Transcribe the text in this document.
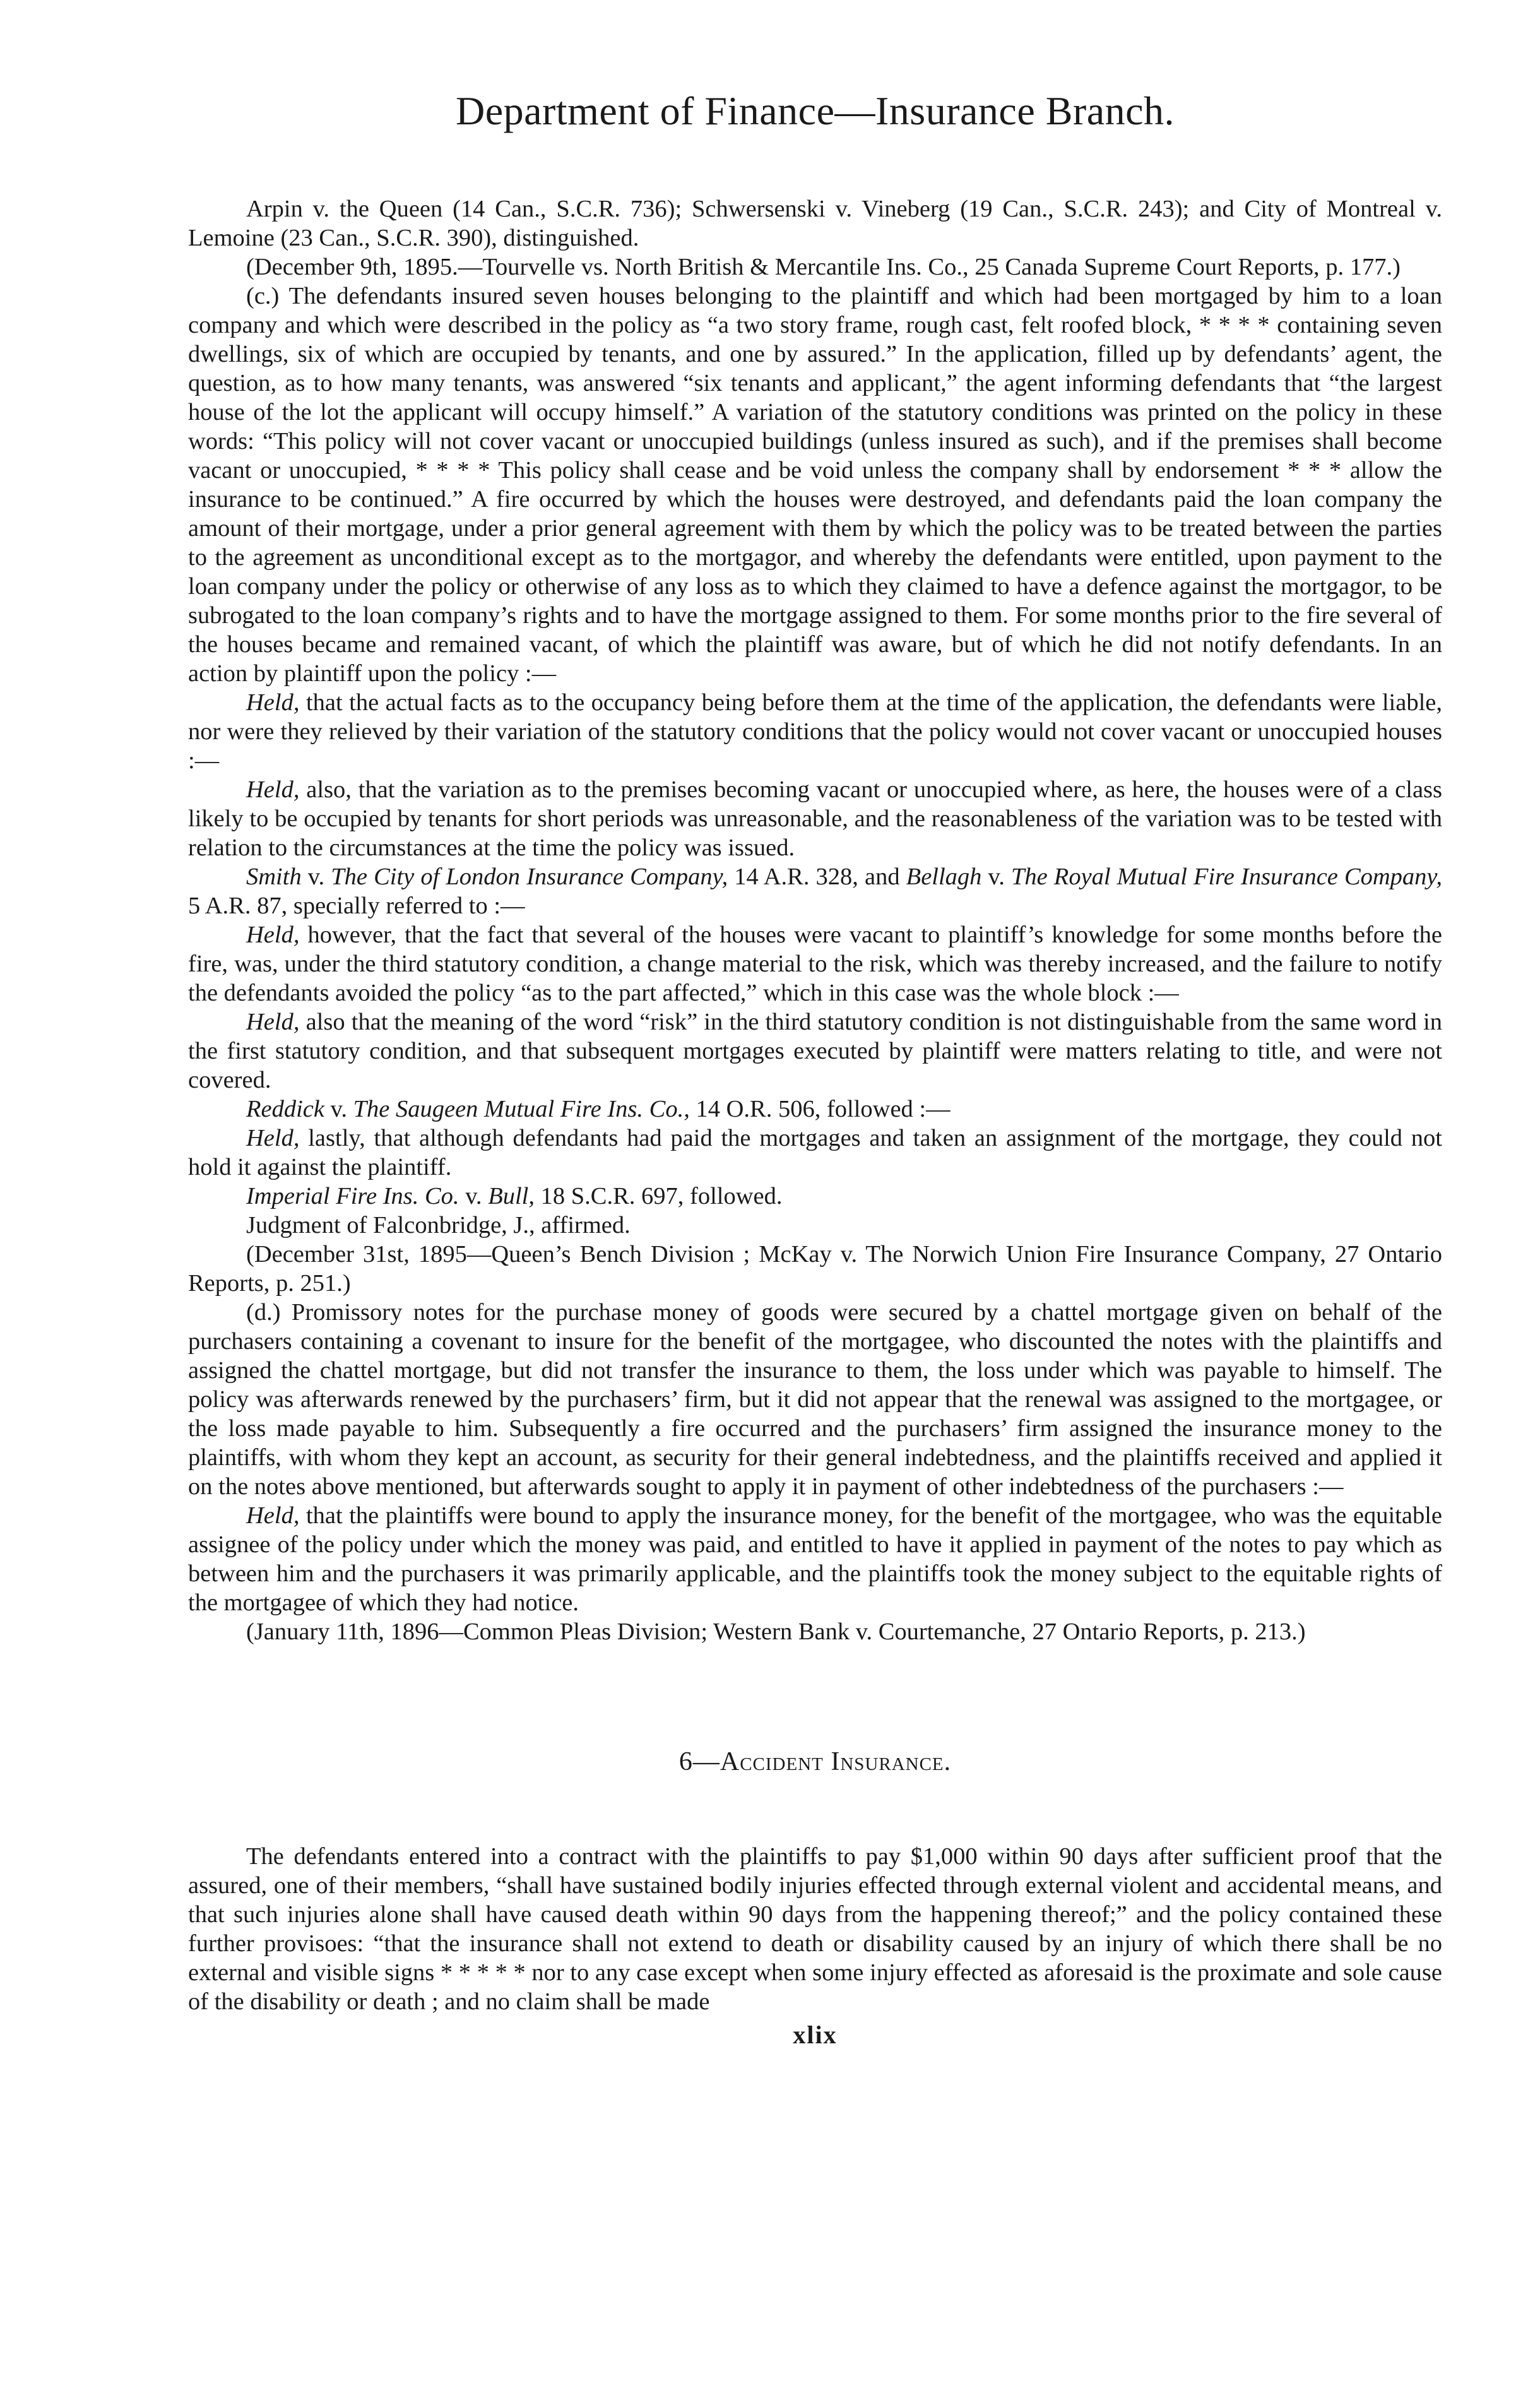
Department of Finance—Insurance Branch.

Arpin v. the Queen (14 Can., S.C.R. 736); Schwersenski v. Vineberg (19 Can., S.C.R. 243); and City of Montreal v. Lemoine (23 Can., S.C.R. 390), distinguished.

(December 9th, 1895.—Tourvelle vs. North British & Mercantile Ins. Co., 25 Canada Supreme Court Reports, p. 177.)

(c.) The defendants insured seven houses belonging to the plaintiff and which had been mortgaged by him to a loan company and which were described in the policy as “a two story frame, rough cast, felt roofed block, * * * * containing seven dwellings, six of which are occupied by tenants, and one by assured.” In the application, filled up by defendants’ agent, the question, as to how many tenants, was answered “six tenants and applicant,” the agent informing defendants that “the largest house of the lot the applicant will occupy himself.” A variation of the statutory conditions was printed on the policy in these words: “This policy will not cover vacant or unoccupied buildings (unless insured as such), and if the premises shall become vacant or unoccupied, * * * * This policy shall cease and be void unless the company shall by endorsement * * * allow the insurance to be continued.” A fire occurred by which the houses were destroyed, and defendants paid the loan company the amount of their mortgage, under a prior general agreement with them by which the policy was to be treated between the parties to the agreement as unconditional except as to the mortgagor, and whereby the defendants were entitled, upon payment to the loan company under the policy or otherwise of any loss as to which they claimed to have a defence against the mortgagor, to be subrogated to the loan company’s rights and to have the mortgage assigned to them. For some months prior to the fire several of the houses became and remained vacant, of which the plaintiff was aware, but of which he did not notify defendants. In an action by plaintiff upon the policy :—

Held, that the actual facts as to the occupancy being before them at the time of the application, the defendants were liable, nor were they relieved by their variation of the statutory conditions that the policy would not cover vacant or unoccupied houses :—

Held, also, that the variation as to the premises becoming vacant or unoccupied where, as here, the houses were of a class likely to be occupied by tenants for short periods was unreasonable, and the reasonableness of the variation was to be tested with relation to the circumstances at the time the policy was issued.

Smith v. The City of London Insurance Company, 14 A.R. 328, and Bellagh v. The Royal Mutual Fire Insurance Company, 5 A.R. 87, specially referred to :—

Held, however, that the fact that several of the houses were vacant to plaintiff’s knowledge for some months before the fire, was, under the third statutory condition, a change material to the risk, which was thereby increased, and the failure to notify the defendants avoided the policy “as to the part affected,” which in this case was the whole block :—

Held, also that the meaning of the word “risk” in the third statutory condition is not distinguishable from the same word in the first statutory condition, and that subsequent mortgages executed by plaintiff were matters relating to title, and were not covered.

Reddick v. The Saugeen Mutual Fire Ins. Co., 14 O.R. 506, followed :—

Held, lastly, that although defendants had paid the mortgages and taken an assignment of the mortgage, they could not hold it against the plaintiff.

Imperial Fire Ins. Co. v. Bull, 18 S.C.R. 697, followed.

Judgment of Falconbridge, J., affirmed.

(December 31st, 1895—Queen’s Bench Division ; McKay v. The Norwich Union Fire Insurance Company, 27 Ontario Reports, p. 251.)

(d.) Promissory notes for the purchase money of goods were secured by a chattel mortgage given on behalf of the purchasers containing a covenant to insure for the benefit of the mortgagee, who discounted the notes with the plaintiffs and assigned the chattel mortgage, but did not transfer the insurance to them, the loss under which was payable to himself. The policy was afterwards renewed by the purchasers’ firm, but it did not appear that the renewal was assigned to the mortgagee, or the loss made payable to him. Subsequently a fire occurred and the purchasers’ firm assigned the insurance money to the plaintiffs, with whom they kept an account, as security for their general indebtedness, and the plaintiffs received and applied it on the notes above mentioned, but afterwards sought to apply it in payment of other indebtedness of the purchasers :—

Held, that the plaintiffs were bound to apply the insurance money, for the benefit of the mortgagee, who was the equitable assignee of the policy under which the money was paid, and entitled to have it applied in payment of the notes to pay which as between him and the purchasers it was primarily applicable, and the plaintiffs took the money subject to the equitable rights of the mortgagee of which they had notice.

(January 11th, 1896—Common Pleas Division; Western Bank v. Courtemanche, 27 Ontario Reports, p. 213.)

6—Accident Insurance.

The defendants entered into a contract with the plaintiffs to pay $1,000 within 90 days after sufficient proof that the assured, one of their members, “shall have sustained bodily injuries effected through external violent and accidental means, and that such injuries alone shall have caused death within 90 days from the happening thereof;” and the policy contained these further provisoes: “that the insurance shall not extend to death or disability caused by an injury of which there shall be no external and visible signs * * * * * nor to any case except when some injury effected as aforesaid is the proximate and sole cause of the disability or death ; and no claim shall be made

xlix
